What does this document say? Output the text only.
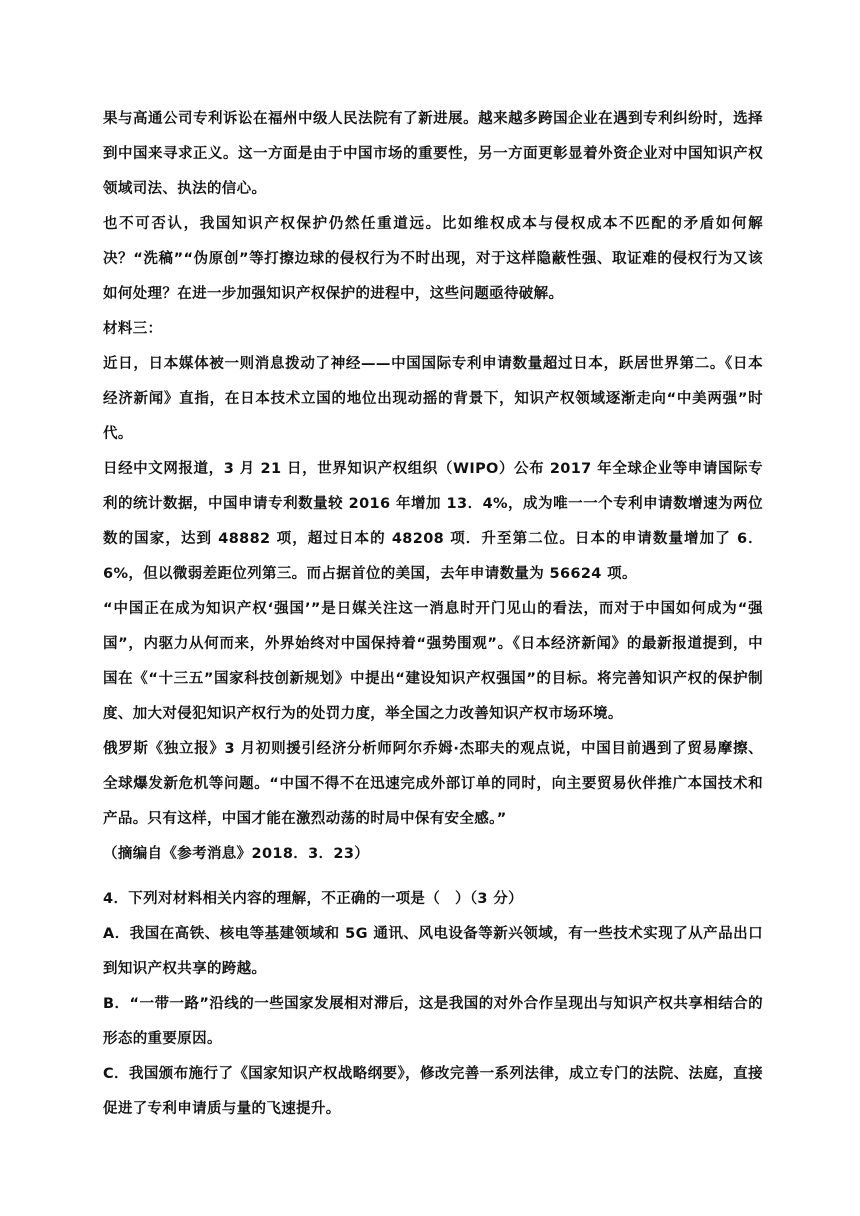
果与高通公司专利诉讼在福州中级人民法院有了新进展。越来越多跨国企业在遇到专利纠纷时，选择到中国来寻求正义。这一方面是由于中国市场的重要性，另一方面更彰显着外资企业对中国知识产权领域司法、执法的信心。

也不可否认，我国知识产权保护仍然任重道远。比如维权成本与侵权成本不匹配的矛盾如何解决？“洗稿”“伪原创”等打擦边球的侵权行为不时出现，对于这样隐蔽性强、取证难的侵权行为又该如何处理？在进一步加强知识产权保护的进程中，这些问题亟待破解。

材料三：

近日，日本媒体被一则消息拨动了神经——中国国际专利申请数量超过日本，跃居世界第二。《日本经济新闻》直指，在日本技术立国的地位出现动摇的背景下，知识产权领域逐渐走向“中美两强”时代。

日经中文网报道，3 月 21 日，世界知识产权组织（WIPO）公布 2017 年全球企业等申请国际专利的统计数据，中国申请专利数量较 2016 年增加 13．4%，成为唯一一个专利申请数增速为两位数的国家，达到 48882 项，超过日本的 48208 项．升至第二位。日本的申请数量增加了 6．6%，但以微弱差距位列第三。而占据首位的美国，去年申请数量为 56624 项。

“中国正在成为知识产权‘强国’”是日媒关注这一消息时开门见山的看法，而对于中国如何成为“强国”，内驱力从何而来，外界始终对中国保持着“强势围观”。《日本经济新闻》的最新报道提到，中国在《“十三五”国家科技创新规划》中提出“建设知识产权强国”的目标。将完善知识产权的保护制度、加大对侵犯知识产权行为的处罚力度，举全国之力改善知识产权市场环境。

俄罗斯《独立报》3 月初则援引经济分析师阿尔乔姆·杰耶夫的观点说，中国目前遇到了贸易摩擦、全球爆发新危机等问题。“中国不得不在迅速完成外部订单的同时，向主要贸易伙伴推广本国技术和产品。只有这样，中国才能在激烈动荡的时局中保有安全感。”

（摘编自《参考消息》2018．3．23）

4．下列对材料相关内容的理解，不正确的一项是（　）（3 分）

A．我国在高铁、核电等基建领域和 5G 通讯、风电设备等新兴领域，有一些技术实现了从产品出口到知识产权共享的跨越。

B．“一带一路”沿线的一些国家发展相对滞后，这是我国的对外合作呈现出与知识产权共享相结合的形态的重要原因。

C．我国颁布施行了《国家知识产权战略纲要》，修改完善一系列法律，成立专门的法院、法庭，直接促进了专利申请质与量的飞速提升。
